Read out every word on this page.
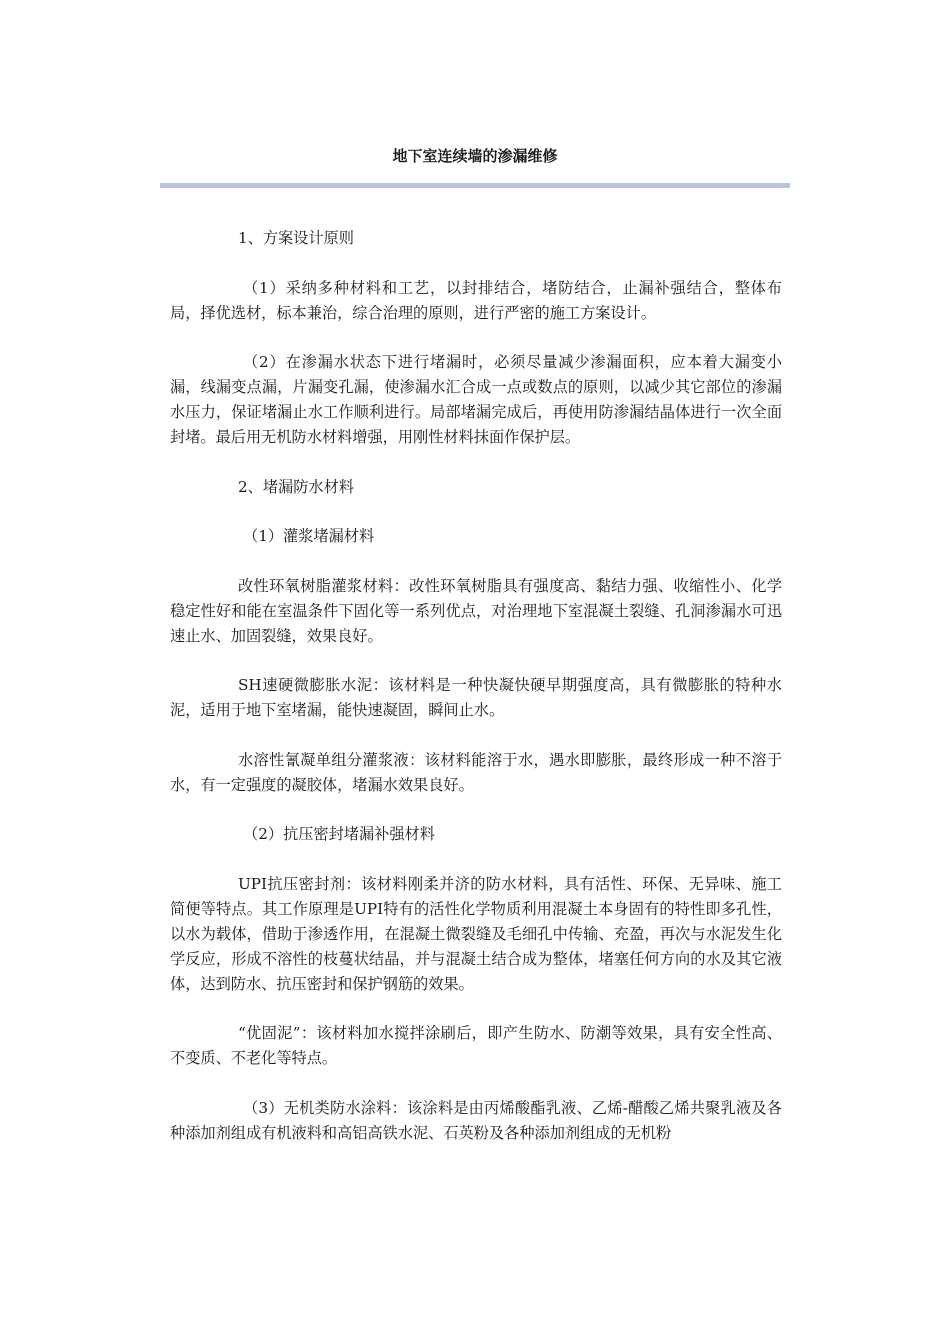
地下室连续墙的渗漏维修

1、方案设计原则

（1）采纳多种材料和工艺，以封排结合，堵防结合，止漏补强结合，整体布局，择优选材，标本兼治，综合治理的原则，进行严密的施工方案设计。

（2）在渗漏水状态下进行堵漏时，必须尽量减少渗漏面积，应本着大漏变小漏，线漏变点漏，片漏变孔漏，使渗漏水汇合成一点或数点的原则，以减少其它部位的渗漏水压力，保证堵漏止水工作顺利进行。局部堵漏完成后，再使用防渗漏结晶体进行一次全面封堵。最后用无机防水材料增强，用刚性材料抹面作保护层。

2、堵漏防水材料

（1）灌浆堵漏材料

改性环氧树脂灌浆材料：改性环氧树脂具有强度高、黏结力强、收缩性小、化学稳定性好和能在室温条件下固化等一系列优点，对治理地下室混凝土裂缝、孔洞渗漏水可迅速止水、加固裂缝，效果良好。

SH速硬微膨胀水泥：该材料是一种快凝快硬早期强度高，具有微膨胀的特种水泥，适用于地下室堵漏，能快速凝固，瞬间止水。

水溶性氰凝单组分灌浆液：该材料能溶于水，遇水即膨胀，最终形成一种不溶于水，有一定强度的凝胶体，堵漏水效果良好。

（2）抗压密封堵漏补强材料

UPI抗压密封剂：该材料刚柔并济的防水材料，具有活性、环保、无异味、施工简便等特点。其工作原理是UPI特有的活性化学物质利用混凝土本身固有的特性即多孔性，以水为载体，借助于渗透作用，在混凝土微裂缝及毛细孔中传输、充盈，再次与水泥发生化学反应，形成不溶性的枝蔓状结晶，并与混凝土结合成为整体，堵塞任何方向的水及其它液体，达到防水、抗压密封和保护钢筋的效果。

“优固泥”：该材料加水搅拌涂刷后，即产生防水、防潮等效果，具有安全性高、不变质、不老化等特点。

（3）无机类防水涂料：该涂料是由丙烯酸酯乳液、乙烯-醋酸乙烯共聚乳液及各种添加剂组成有机液料和高铝高铁水泥、石英粉及各种添加剂组成的无机粉
